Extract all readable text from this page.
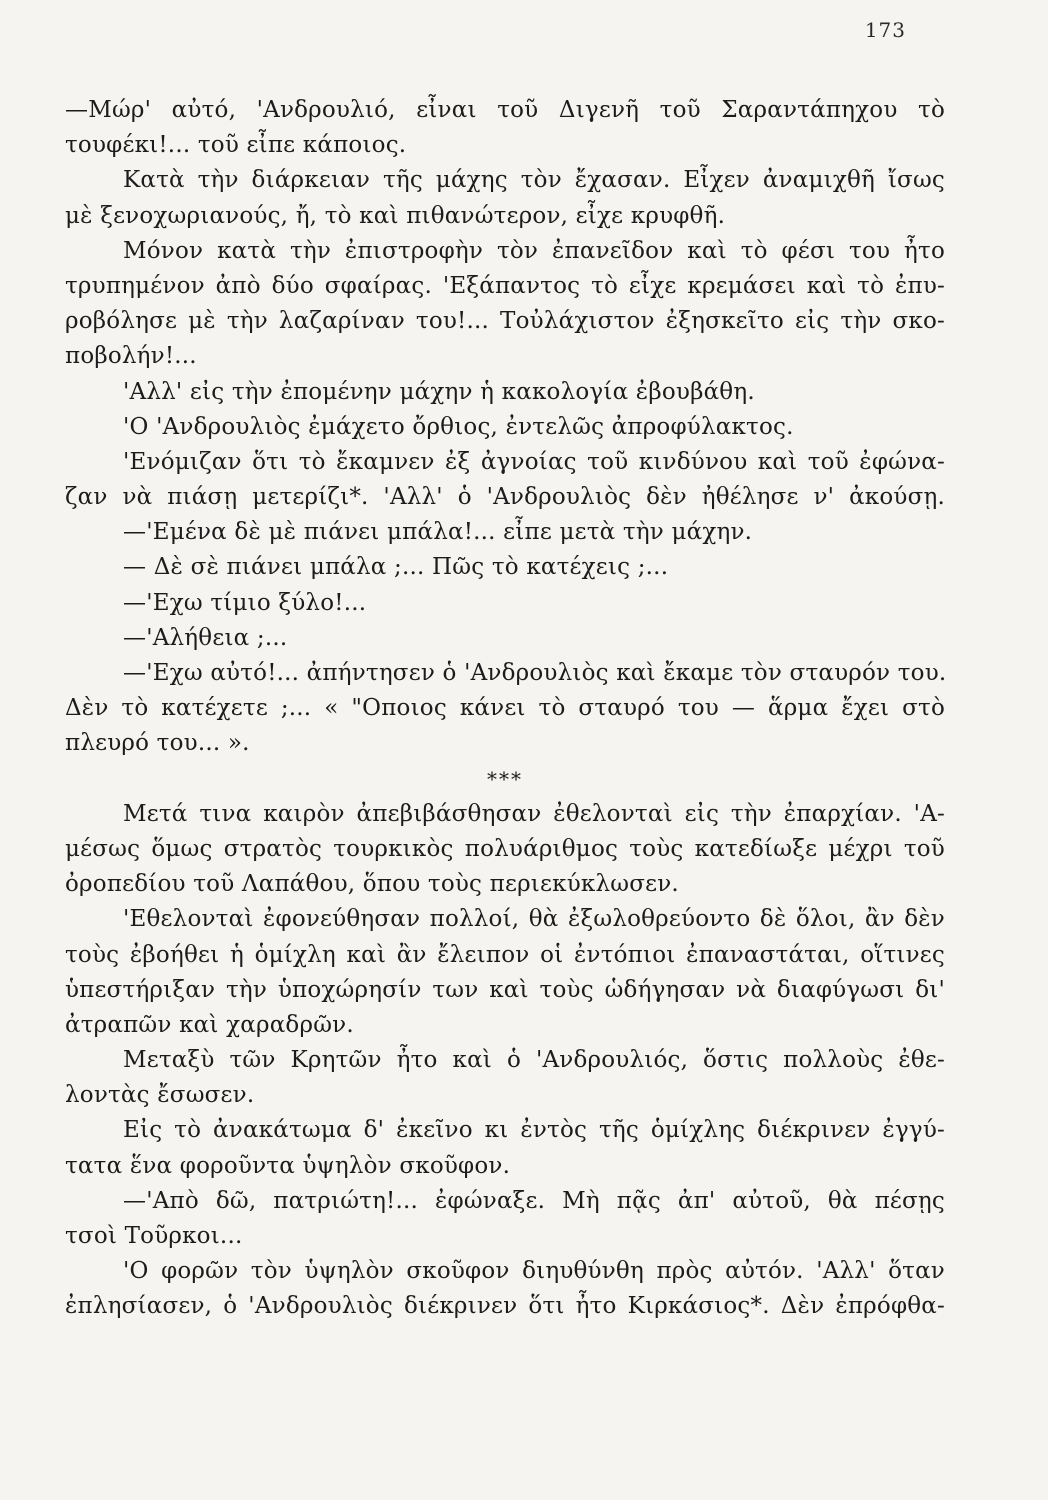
173
—Μώρ' αὐτό, 'Ανδρουλιό, εἶναι τοῦ Διγενῆ τοῦ Σαραντάπηχου τὸ
τουφέκι!... τοῦ εἶπε κάποιος.
Κατὰ τὴν διάρκειαν τῆς μάχης τὸν ἔχασαν. Εἶχεν ἀναμιχθῆ ἴσως
μὲ ξενοχωριανούς, ἤ, τὸ καὶ πιθανώτερον, εἶχε κρυφθῆ.
Μόνον κατὰ τὴν ἐπιστροφὴν τὸν ἐπανεῖδον καὶ τὸ φέσι του ἦτο
τρυπημένον ἀπὸ δύο σφαίρας. 'Εξάπαντος τὸ εἶχε κρεμάσει καὶ τὸ ἐπυ-
ροβόλησε μὲ τὴν λαζαρίναν του!... Τοὐλάχιστον ἐξησκεῖτο εἰς τὴν σκο-
ποβολήν!...
'Αλλ' εἰς τὴν ἐπομένην μάχην ἡ κακολογία ἐβουβάθη.
'Ο 'Ανδρουλιὸς ἐμάχετο ὄρθιος, ἐντελῶς ἀπροφύλακτος.
'Ενόμιζαν ὅτι τὸ ἔκαμνεν ἐξ ἀγνοίας τοῦ κινδύνου καὶ τοῦ ἐφώνα-
ζαν νὰ πιάσῃ μετερίζι*. 'Αλλ' ὁ 'Ανδρουλιὸς δὲν ἠθέλησε ν' ἀκούσῃ.
—'Εμένα δὲ μὲ πιάνει μπάλα!... εἶπε μετὰ τὴν μάχην.
— Δὲ σὲ πιάνει μπάλα ;... Πῶς τὸ κατέχεις ;...
—'Εχω τίμιο ξύλο!...
—'Αλήθεια ;...
—'Εχω αὐτό!... ἀπήντησεν ὁ 'Ανδρουλιὸς καὶ ἔκαμε τὸν σταυρόν του.
Δὲν τὸ κατέχετε ;... « "Οποιος κάνει τὸ σταυρό του — ἅρμα ἔχει στὸ
πλευρό του... ».
***
Μετά τινα καιρὸν ἀπεβιβάσθησαν ἐθελονταὶ εἰς τὴν ἐπαρχίαν. 'Α-
μέσως ὅμως στρατὸς τουρκικὸς πολυάριθμος τοὺς κατεδίωξε μέχρι τοῦ
ὀροπεδίου τοῦ Λαπάθου, ὅπου τοὺς περιεκύκλωσεν.
'Εθελονταὶ ἐφονεύθησαν πολλοί, θὰ ἐξωλοθρεύοντο δὲ ὅλοι, ἂν δὲν
τοὺς ἐβοήθει ἡ ὁμίχλη καὶ ἂν ἔλειπον οἱ ἐντόπιοι ἐπαναστάται, οἵτινες
ὑπεστήριξαν τὴν ὑποχώρησίν των καὶ τοὺς ὡδήγησαν νὰ διαφύγωσι δι'
ἀτραπῶν καὶ χαραδρῶν.
Μεταξὺ τῶν Κρητῶν ἦτο καὶ ὁ 'Ανδρουλιός, ὅστις πολλοὺς ἐθε-
λοντὰς ἔσωσεν.
Εἰς τὸ ἀνακάτωμα δ' ἐκεῖνο κι ἐντὸς τῆς ὁμίχλης διέκρινεν ἐγγύ-
τατα ἕνα φοροῦντα ὑψηλὸν σκοῦφον.
—'Απὸ δῶ, πατριώτη!... ἐφώναξε. Μὴ πᾷς ἀπ' αὐτοῦ, θὰ πέσῃς
τσοὶ Τοῦρκοι...
'Ο φορῶν τὸν ὑψηλὸν σκοῦφον διηυθύνθη πρὸς αὐτόν. 'Αλλ' ὅταν
ἐπλησίασεν, ὁ 'Ανδρουλιὸς διέκρινεν ὅτι ἦτο Κιρκάσιος*. Δὲν ἐπρόφθα-
